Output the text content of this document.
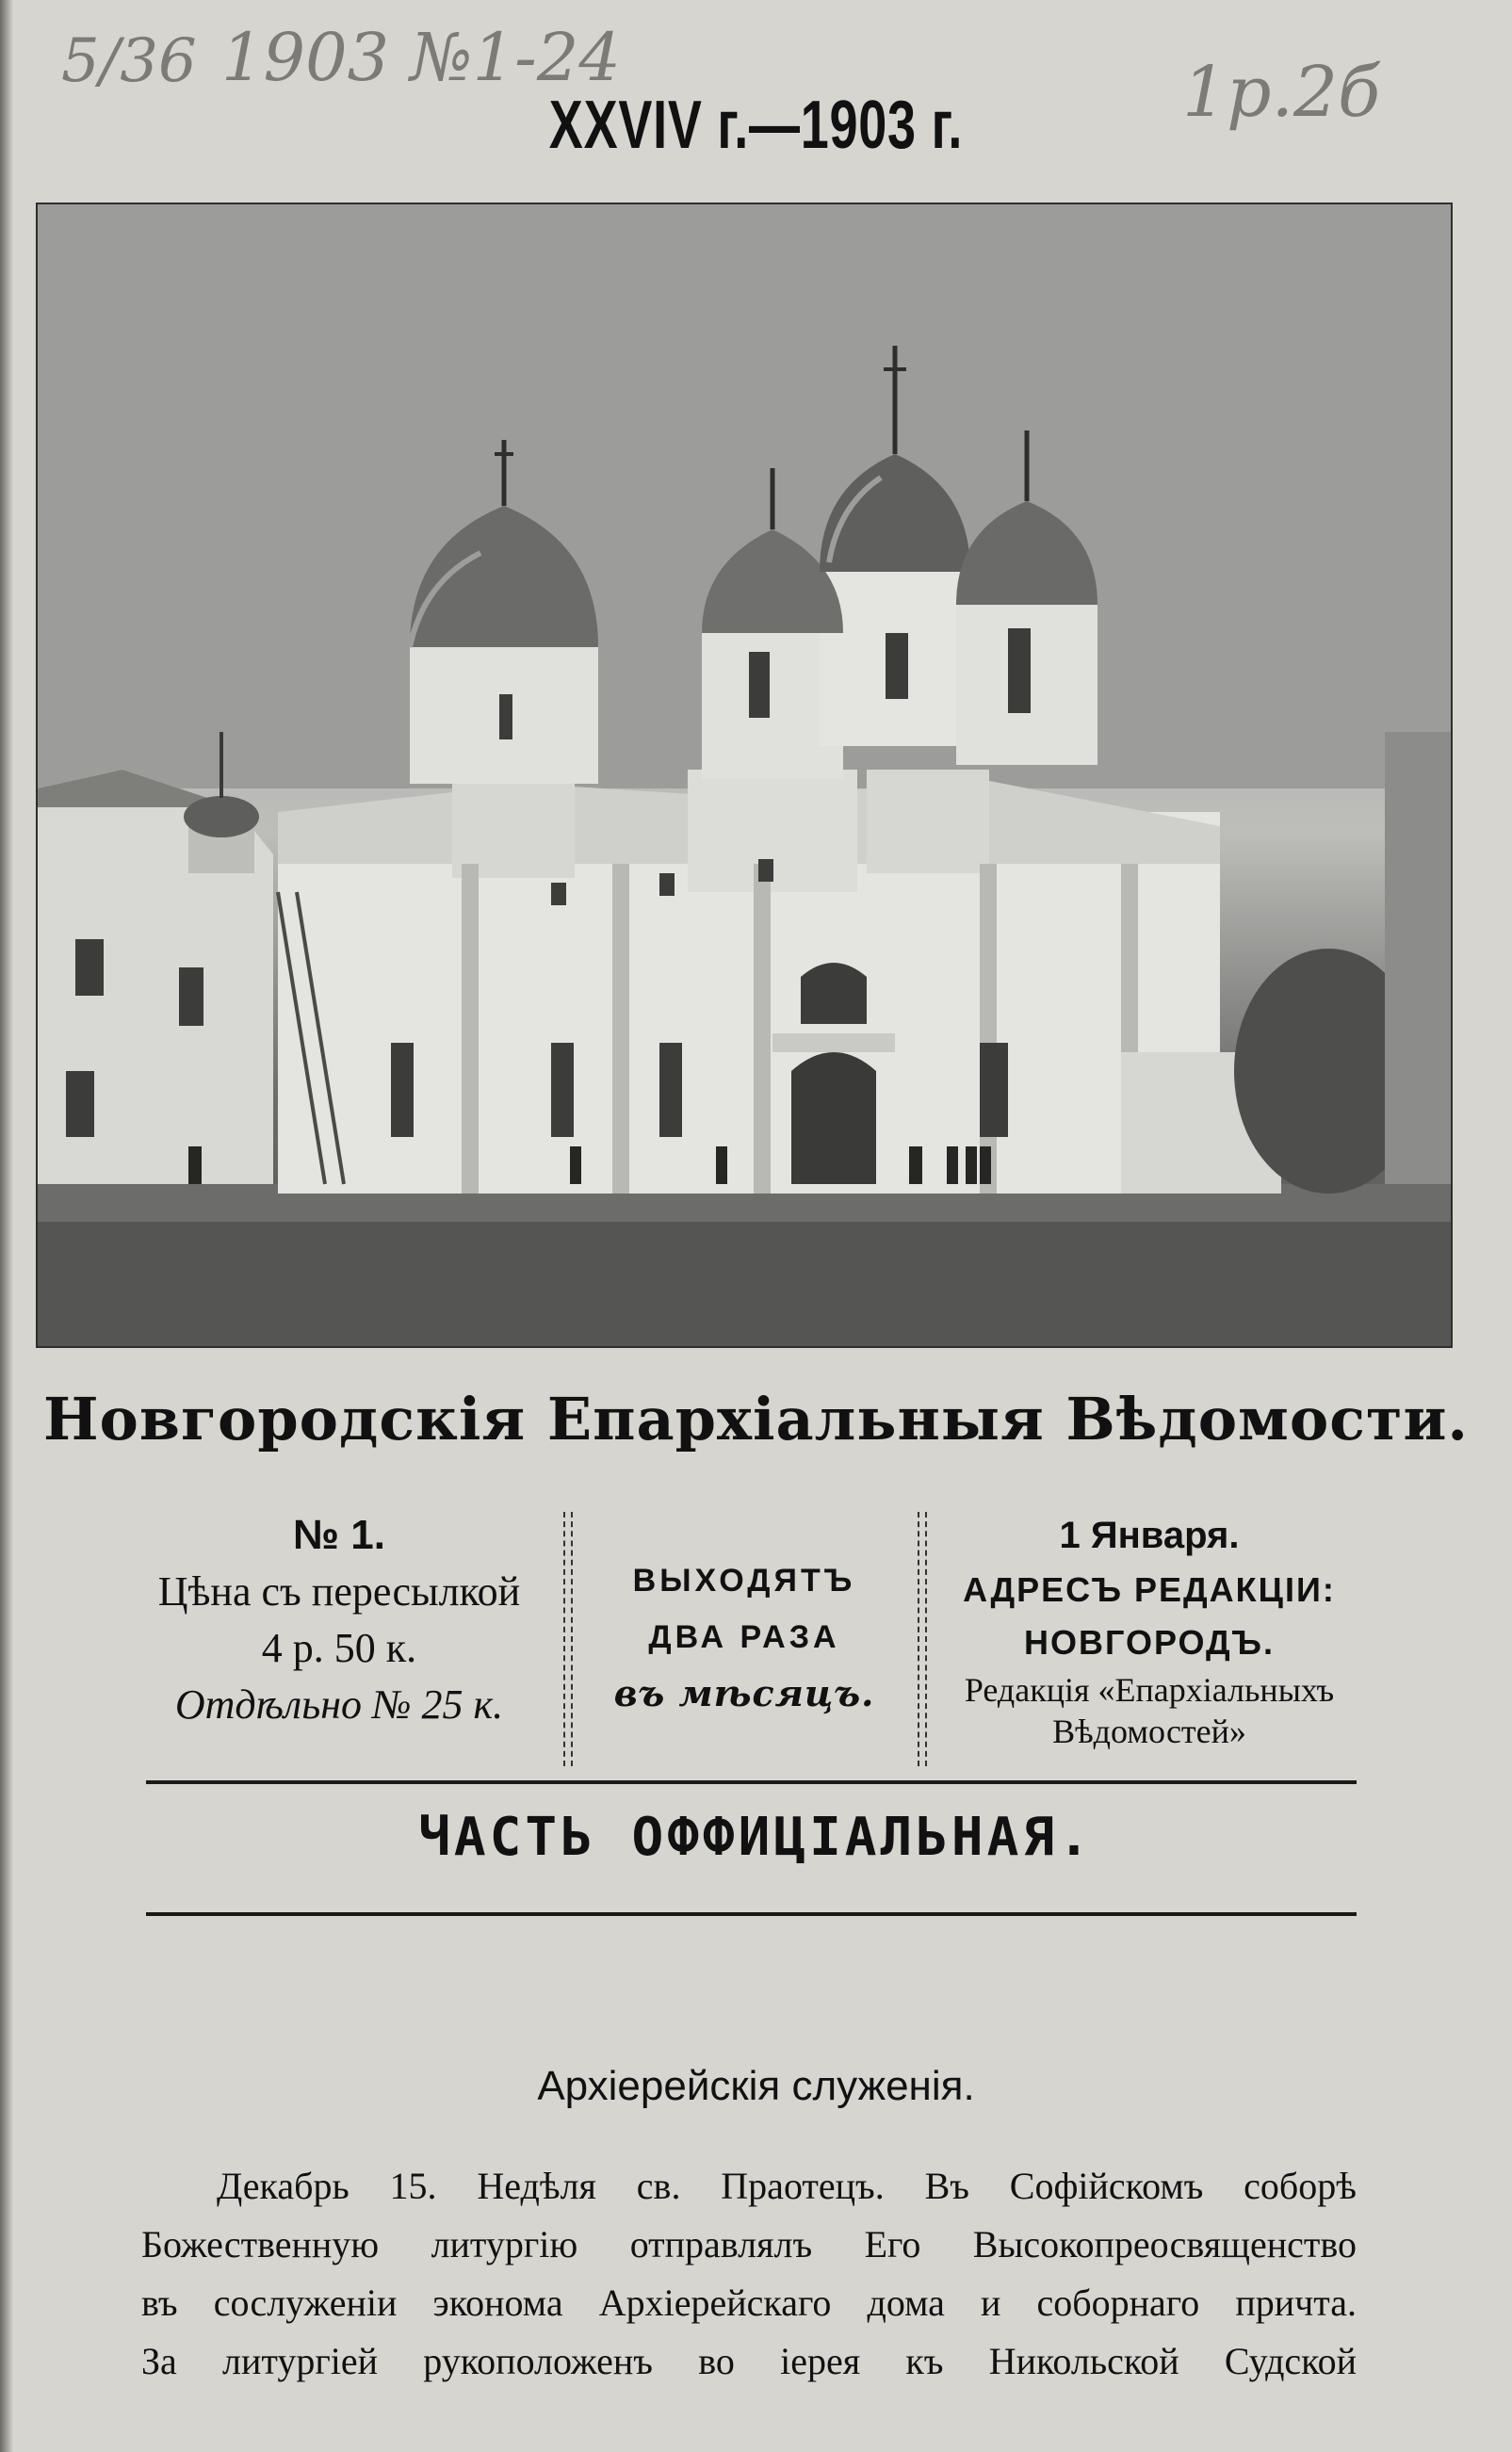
5/36 1903 №1-24	1р.2б
XXVIV г.—1903 г.
Новгородскія Епархіальныя Вѣдомости.
№ 1.
Цѣна съ пересылкой
4 р. 50 к.
Отдѣльно № 25 к.
ВЫХОДЯТЪ
ДВА РАЗА
въ мѣсяцъ.
1 Января.
АДРЕСЪ РЕДАКЦІИ:
НОВГОРОДЪ.
Редакція «Епархіальныхъ
Вѣдомостей»
ЧАСТЬ ОФФИЦІАЛЬНАЯ.
Архіерейскія служенія.
Декабрь 15. Недѣля св. Праотецъ. Въ Софійскомъ соборѣ
Божественную литургію отправлялъ Его Высокопреосвященство
въ сослуженіи эконома Архіерейскаго дома и соборнаго причта.
За литургіей рукоположенъ во іерея къ Никольской Судской
